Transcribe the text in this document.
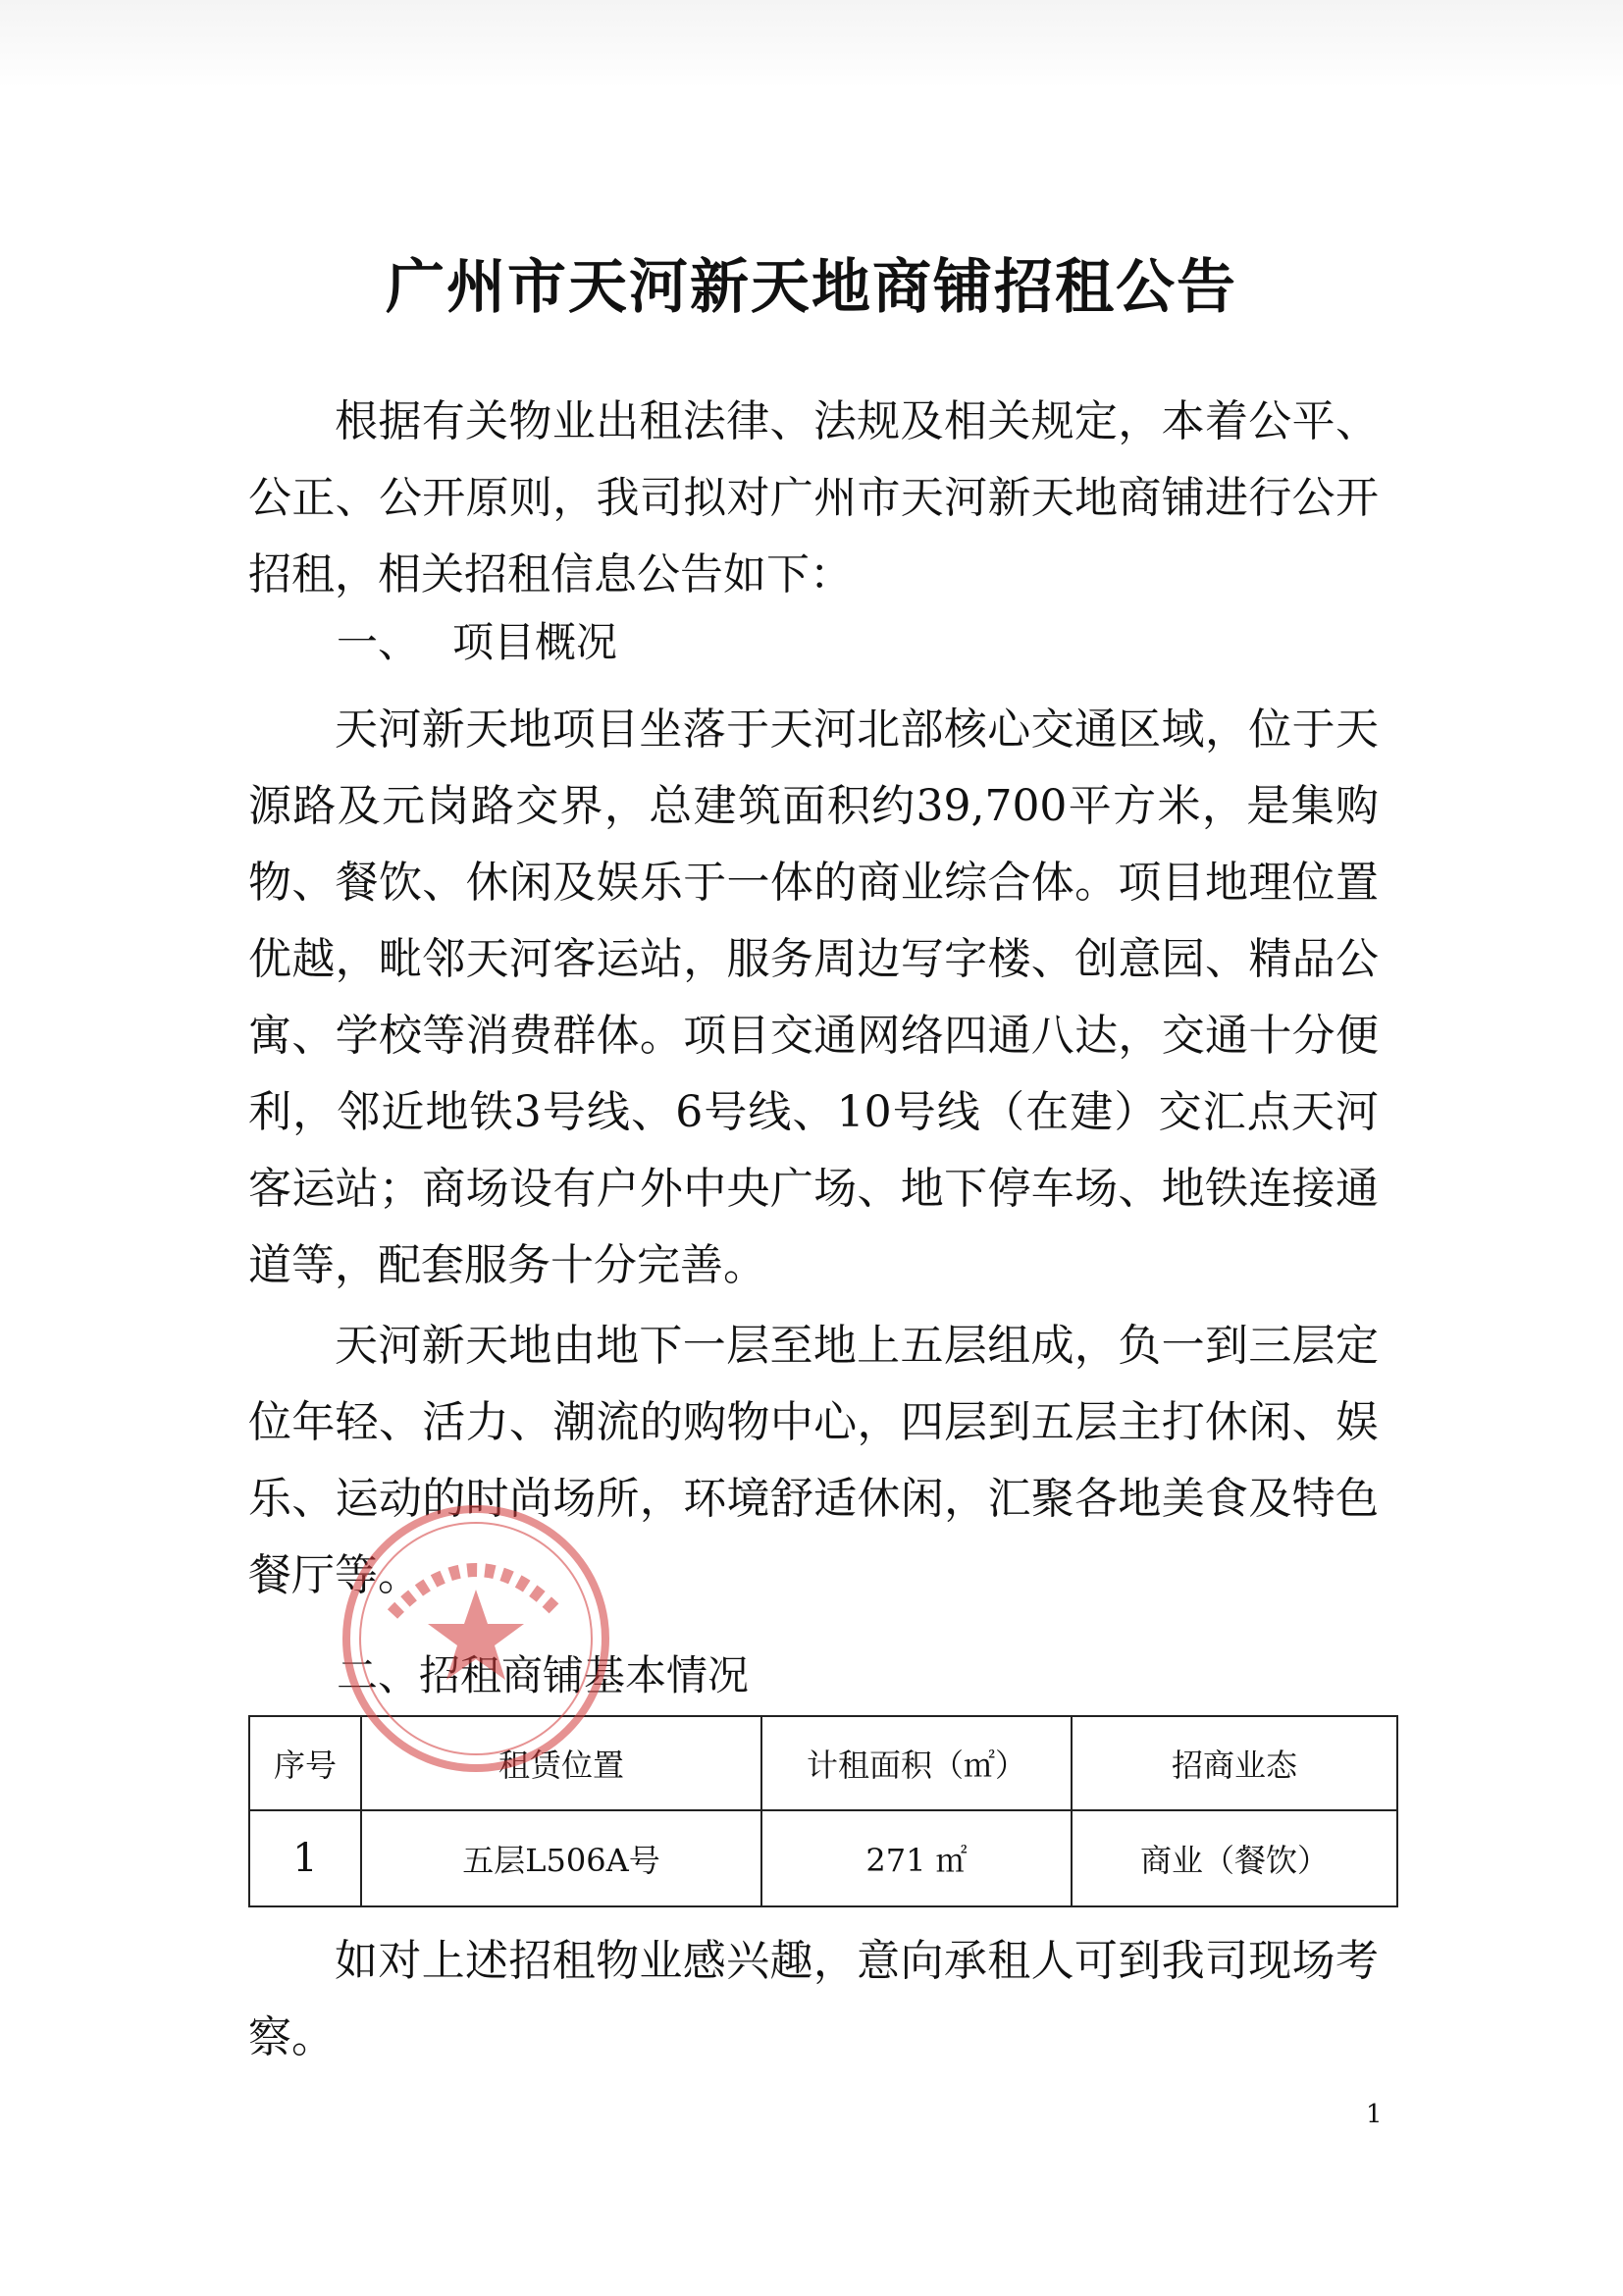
广州市天河新天地商铺招租公告

根据有关物业出租法律、法规及相关规定，本着公平、公正、公开原则，我司拟对广州市天河新天地商铺进行公开招租，相关招租信息公告如下：

一、 项目概况

天河新天地项目坐落于天河北部核心交通区域，位于天源路及元岗路交界，总建筑面积约39,700平方米，是集购物、餐饮、休闲及娱乐于一体的商业综合体。项目地理位置优越，毗邻天河客运站，服务周边写字楼、创意园、精品公寓、学校等消费群体。项目交通网络四通八达，交通十分便利，邻近地铁3号线、6号线、10号线（在建）交汇点天河客运站；商场设有户外中央广场、地下停车场、地铁连接通道等，配套服务十分完善。

天河新天地由地下一层至地上五层组成，负一到三层定位年轻、活力、潮流的购物中心，四层到五层主打休闲、娱乐、运动的时尚场所，环境舒适休闲，汇聚各地美食及特色餐厅等。

二、招租商铺基本情况
序号	租赁位置	计租面积（㎡）	招商业态
1	五层L506A号	271 ㎡	商业（餐饮）

如对上述招租物业感兴趣，意向承租人可到我司现场考察。

1
